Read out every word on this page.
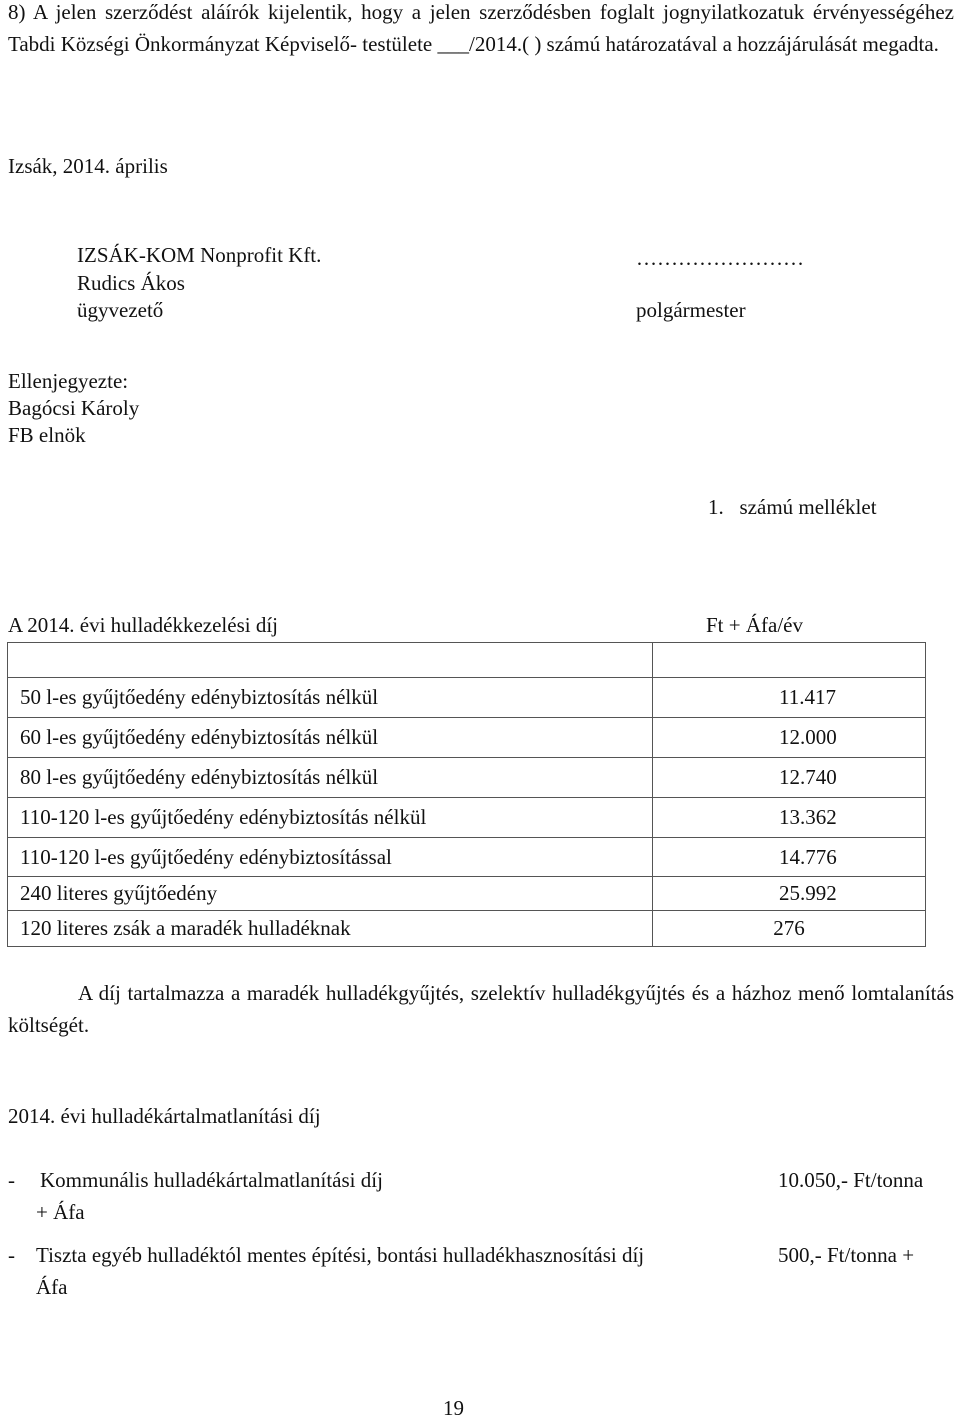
8) A jelen szerződést aláírók kijelentik, hogy a jelen szerződésben foglalt jognyilatkozatuk érvényességéhez Tabdi Községi Önkormányzat Képviselő- testülete ___/2014.( ) számú határozatával a hozzájárulását megadta.
Izsák, 2014. április
IZSÁK-KOM Nonprofit Kft.
Rudics Ákos
ügyvezető
……………………
polgármester
Ellenjegyezte:
Bagócsi Károly
FB elnök
1.   számú melléklet
A 2014. évi hulladékkezelési díj	Ft + Áfa/év

50 l-es gyűjtőedény edénybiztosítás nélkül	11.417
60 l-es gyűjtőedény edénybiztosítás nélkül	12.000
80 l-es gyűjtőedény edénybiztosítás nélkül	12.740
110-120 l-es gyűjtőedény edénybiztosítás nélkül	13.362
110-120 l-es gyűjtőedény edénybiztosítással	14.776
240 literes gyűjtőedény	25.992
120 literes zsák a maradék hulladéknak	276
A díj tartalmazza a maradék hulladékgyűjtés, szelektív hulladékgyűjtés és a házhoz menő lomtalanítás költségét.
2014. évi hulladékártalmatlanítási díj
- Kommunális hulladékártalmatlanítási díj	10.050,- Ft/tonna
+ Áfa
- Tiszta egyéb hulladéktól mentes építési, bontási hulladékhasznosítási díj	500,- Ft/tonna +
Áfa
19
